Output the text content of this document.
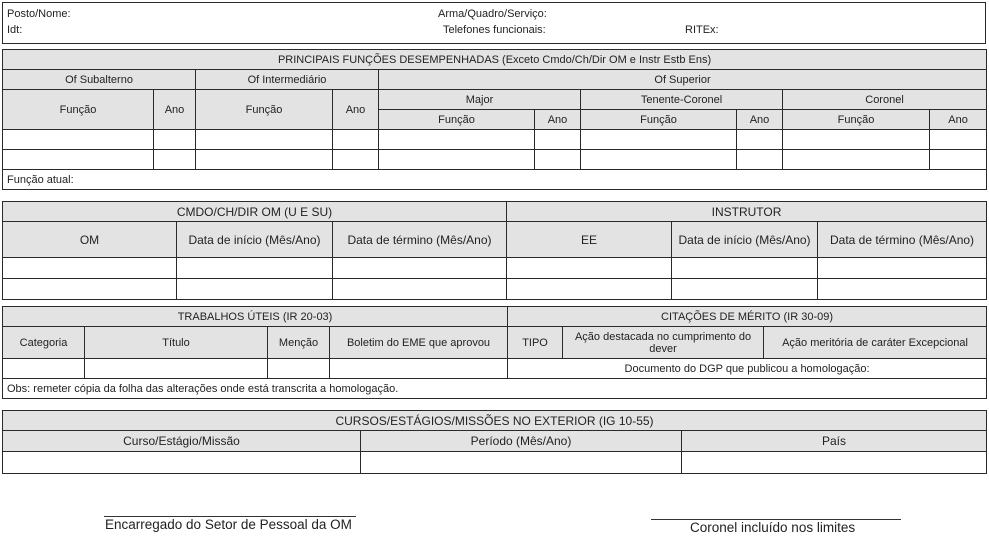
Posto/Nome:
Idt:
Arma/Quadro/Serviço:
Telefones funcionais:	RITEx:
PRINCIPAIS FUNÇÕES DESEMPENHADAS (Exceto Cmdo/Ch/Dir OM e Instr Estb Ens)									
Of Subalterno		Of Intermediário		Of Superior					
Função	Ano	Função	Ano	Major		Tenente-Coronel		Coronel	
				Função	Ano	Função	Ano	Função	Ano

Função atual:									
CMDO/CH/DIR OM (U E SU)			INSTRUTOR		
OM	Data de início (Mês/Ano)	Data de término (Mês/Ano)	EE	Data de início (Mês/Ano)	Data de término (Mês/Ano)

TRABALHOS ÚTEIS (IR 20-03)				CITAÇÕES DE MÉRITO (IR 30-09)		
Categoria	Título	Menção	Boletim do EME que aprovou	TIPO	Ação destacada no cumprimento do dever	Ação meritória de caráter Excepcional
				Documento do DGP que publicou a homologação:		
Obs: remeter cópia da folha das alterações onde está transcrita a homologação.						
CURSOS/ESTÁGIOS/MISSÕES NO EXTERIOR (IG 10-55)		
Curso/Estágio/Missão	Período (Mês/Ano)	País

Encarregado do Setor de Pessoal da OM	Coronel incluído nos limites
